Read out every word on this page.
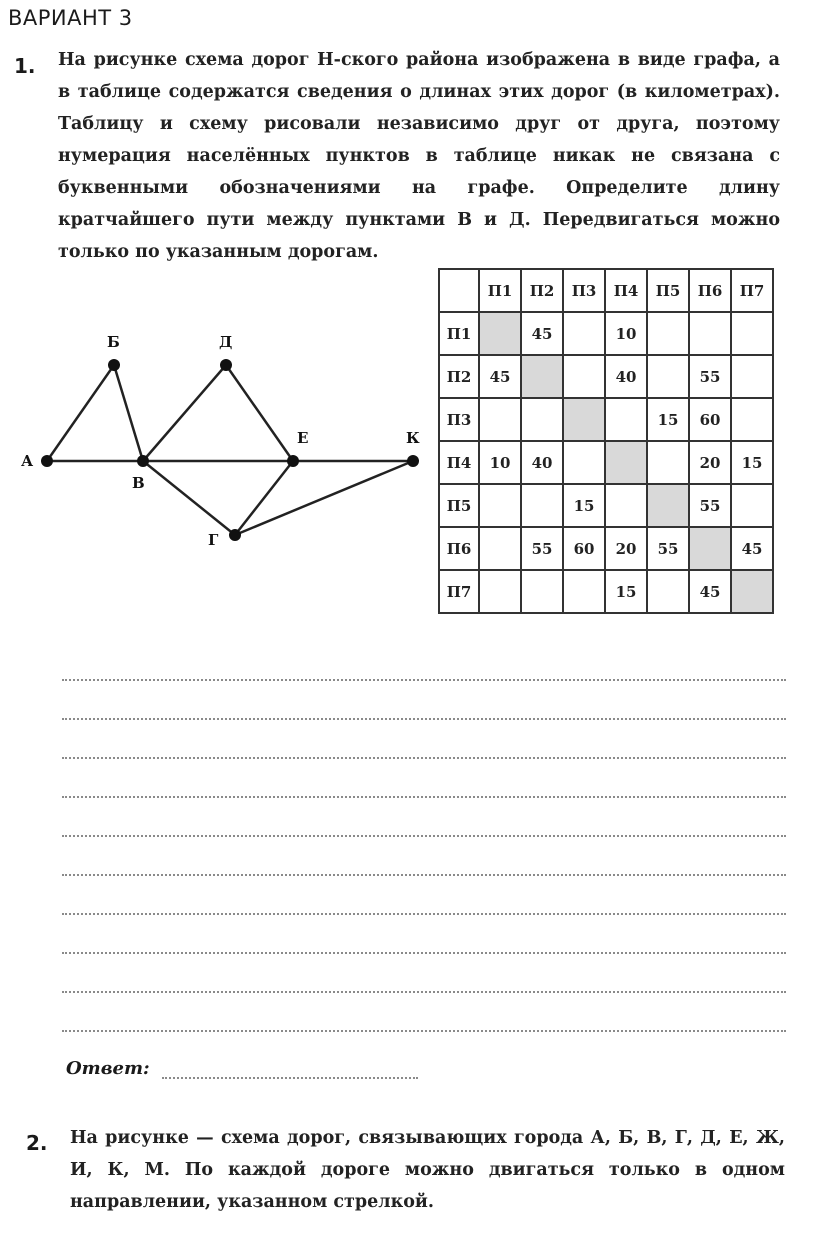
ВАРИАНТ 3
1. На рисунке схема дорог Н-ского района изображена в виде графа, а в таблице содержатся сведения о длинах этих дорог (в километрах). Таблицу и схему рисовали независимо друг от друга, поэтому нумерация населённых пунктов в таблице никак не связана с буквенными обозначениями на графе. Определите длину кратчайшего пути между пунктами В и Д. Передвигаться можно только по указанным дорогам.
А
Б
В
Д
Е	К
Г
	П1	П2	П3	П4	П5	П6	П7
П1		45		10			
П2	45			40		55	
П3					15	60	
П4	10	40				20	15
П5			15			55	
П6		55	60	20	55		45
П7				15		45	
Ответ:
2. На рисунке — схема дорог, связывающих города А, Б, В, Г, Д, Е, Ж, И, К, М. По каждой дороге можно двигаться только в одном направлении, указанном стрелкой.
